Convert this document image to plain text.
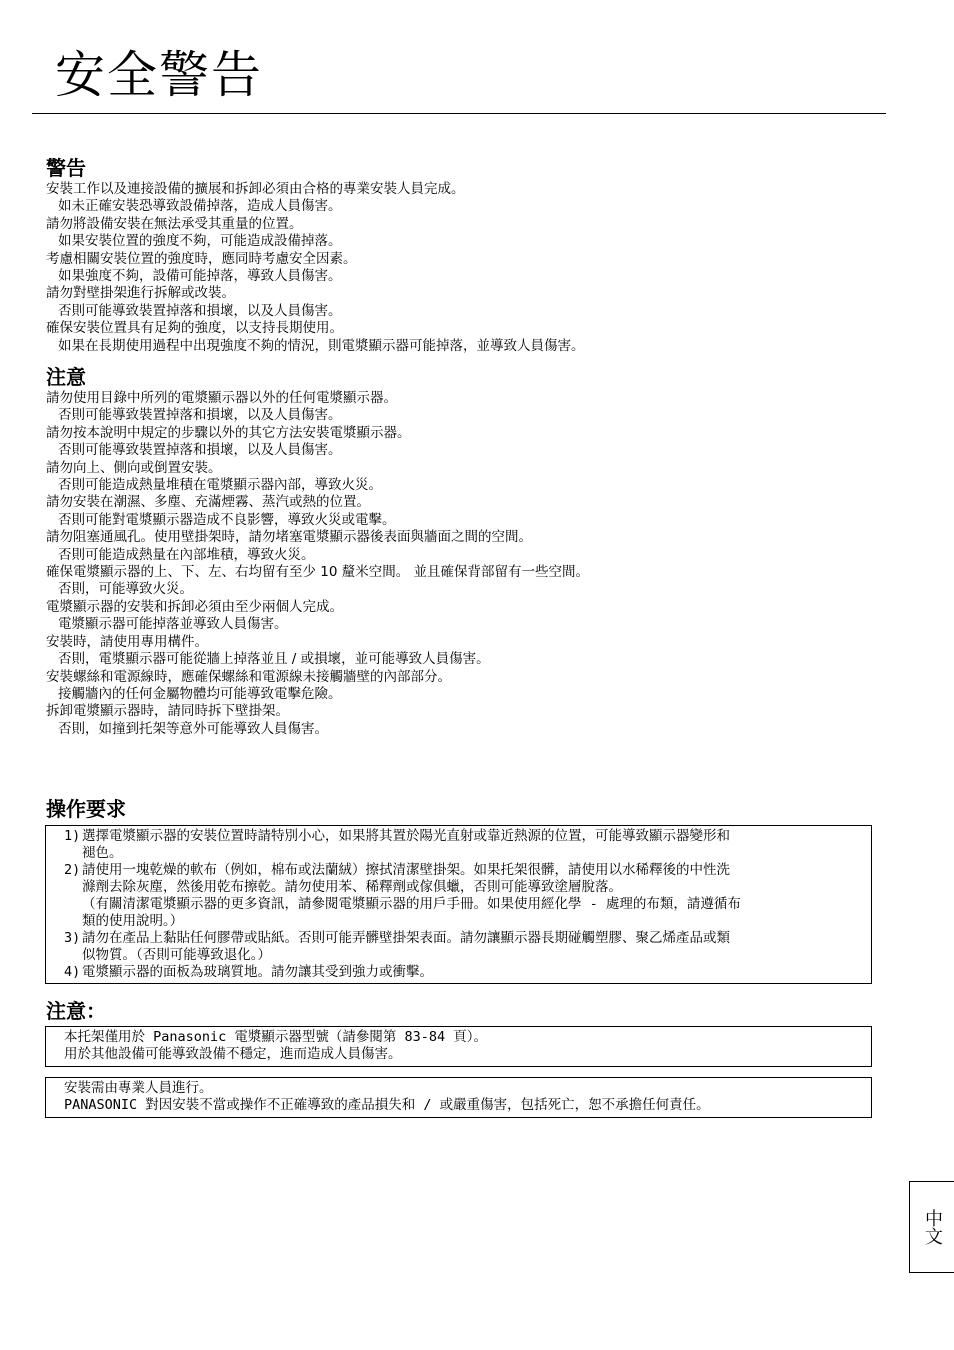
安全警告
警告
安裝工作以及連接設備的擴展和拆卸必須由合格的專業安裝人員完成。
如未正確安裝恐導致設備掉落，造成人員傷害。
請勿將設備安裝在無法承受其重量的位置。
如果安裝位置的強度不夠，可能造成設備掉落。
考慮相關安裝位置的強度時，應同時考慮安全因素。
如果強度不夠，設備可能掉落，導致人員傷害。
請勿對壁掛架進行拆解或改裝。
否則可能導致裝置掉落和損壞，以及人員傷害。
確保安裝位置具有足夠的強度，以支持長期使用。
如果在長期使用過程中出現強度不夠的情況，則電漿顯示器可能掉落，並導致人員傷害。
注意
請勿使用目錄中所列的電漿顯示器以外的任何電漿顯示器。
否則可能導致裝置掉落和損壞，以及人員傷害。
請勿按本說明中規定的步驟以外的其它方法安裝電漿顯示器。
否則可能導致裝置掉落和損壞，以及人員傷害。
請勿向上、側向或倒置安裝。
否則可能造成熱量堆積在電漿顯示器內部，導致火災。
請勿安裝在潮濕、多塵、充滿煙霧、蒸汽或熱的位置。
否則可能對電漿顯示器造成不良影響，導致火災或電擊。
請勿阻塞通風孔。使用壁掛架時，請勿堵塞電漿顯示器後表面與牆面之間的空間。
否則可能造成熱量在內部堆積，導致火災。
確保電漿顯示器的上、下、左、右均留有至少 10 釐米空間。 並且確保背部留有一些空間。
否則，可能導致火災。
電漿顯示器的安裝和拆卸必須由至少兩個人完成。
電漿顯示器可能掉落並導致人員傷害。
安裝時，請使用專用構件。
否則，電漿顯示器可能從牆上掉落並且 / 或損壞，並可能導致人員傷害。
安裝螺絲和電源線時，應確保螺絲和電源線未接觸牆壁的內部部分。
接觸牆內的任何金屬物體均可能導致電擊危險。
拆卸電漿顯示器時，請同時拆下壁掛架。
否則，如撞到托架等意外可能導致人員傷害。
操作要求
1) 選擇電漿顯示器的安裝位置時請特別小心，如果將其置於陽光直射或靠近熱源的位置，可能導致顯示器變形和
褪色。
2) 請使用一塊乾燥的軟布（例如，棉布或法蘭絨）擦拭清潔壁掛架。如果托架很髒，請使用以水稀釋後的中性洗
滌劑去除灰塵，然後用乾布擦乾。請勿使用苯、稀釋劑或傢俱蠟，否則可能導致塗層脫落。
（有關清潔電漿顯示器的更多資訊，請參閱電漿顯示器的用戶手冊。如果使用經化學 - 處理的布類，請遵循布
類的使用說明。）
3) 請勿在產品上黏貼任何膠帶或貼紙。否則可能弄髒壁掛架表面。請勿讓顯示器長期碰觸塑膠、聚乙烯產品或類
似物質。（否則可能導致退化。）
4) 電漿顯示器的面板為玻璃質地。請勿讓其受到強力或衝擊。
注意：
本托架僅用於 Panasonic 電漿顯示器型號（請參閱第 83-84 頁）。
用於其他設備可能導致設備不穩定，進而造成人員傷害。
安裝需由專業人員進行。
PANASONIC 對因安裝不當或操作不正確導致的產品損失和 / 或嚴重傷害，包括死亡，恕不承擔任何責任。
中文
